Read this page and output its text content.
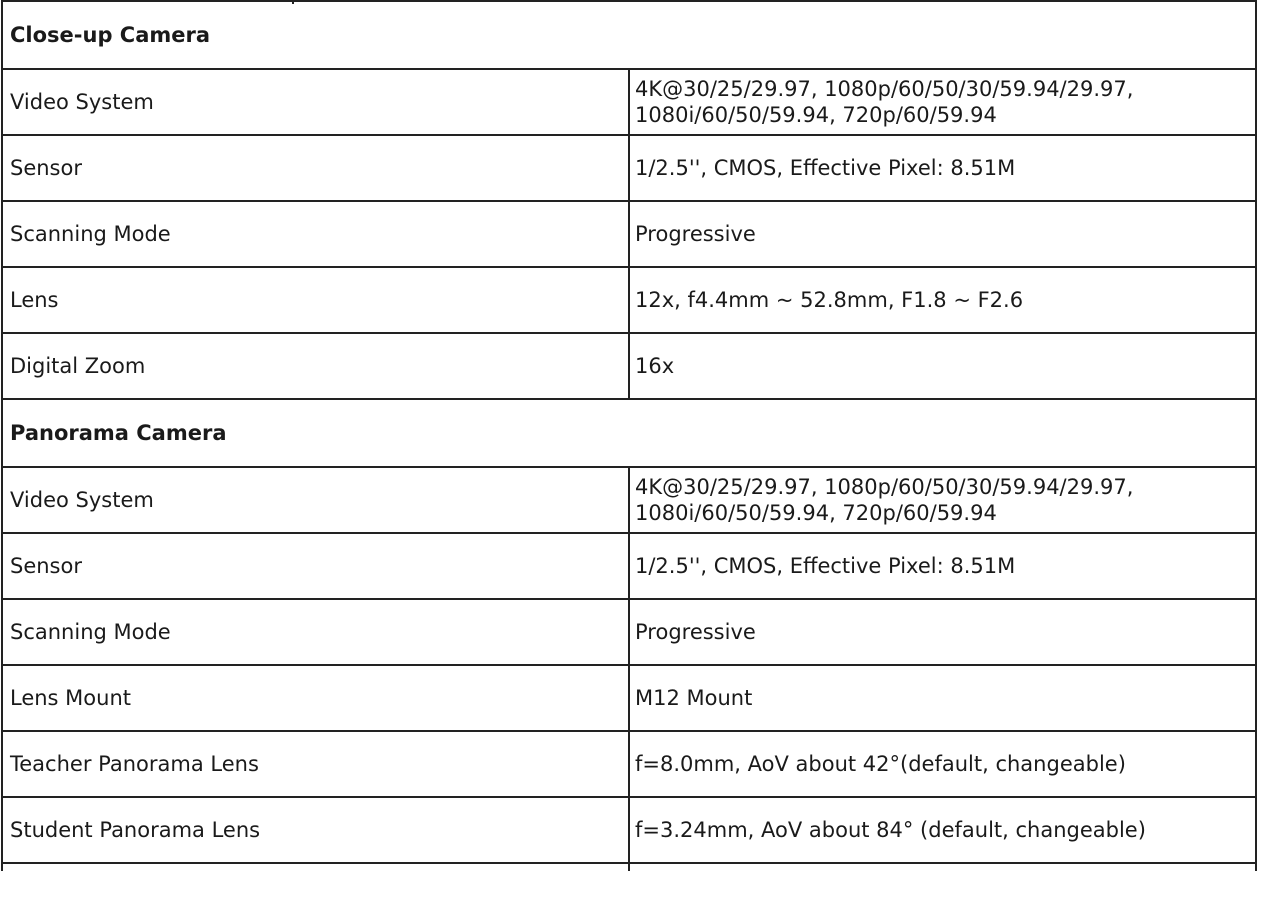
Close-up Camera	
Video System	4K@30/25/29.97, 1080p/60/50/30/59.94/29.97,
1080i/60/50/59.94, 720p/60/59.94

Sensor	1/2.5'', CMOS, Effective Pixel: 8.51M
Scanning Mode	Progressive
Lens	12x, f4.4mm ~ 52.8mm, F1.8 ~ F2.6
Digital Zoom	16x
Panorama Camera	
Video System	4K@30/25/29.97, 1080p/60/50/30/59.94/29.97,
1080i/60/50/59.94, 720p/60/59.94

Sensor	1/2.5'', CMOS, Effective Pixel: 8.51M
Scanning Mode	Progressive
Lens Mount	M12 Mount
Teacher Panorama Lens	f=8.0mm, AoV about 42°(default, changeable)
Student Panorama Lens	f=3.24mm, AoV about 84° (default, changeable)
